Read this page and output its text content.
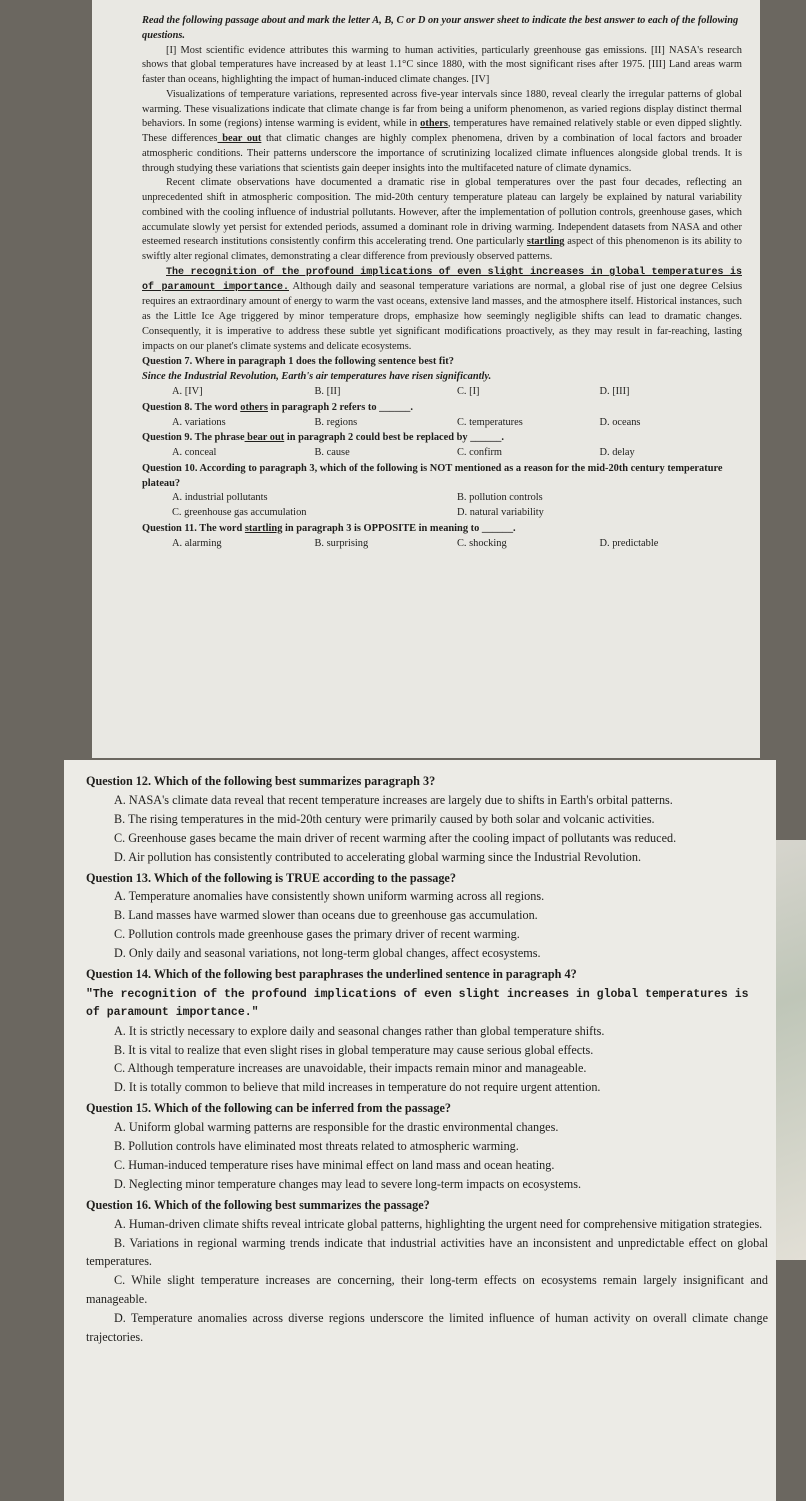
Read the following passage about and mark the letter A, B, C or D on your answer sheet to indicate the best answer to each of the following questions.

[I] Most scientific evidence attributes this warming to human activities, particularly greenhouse gas emissions. [II] NASA's research shows that global temperatures have increased by at least 1.1°C since 1880, with the most significant rises after 1975. [III] Land areas warm faster than oceans, highlighting the impact of human-induced climate changes. [IV]

Visualizations of temperature variations, represented across five-year intervals since 1880, reveal clearly the irregular patterns of global warming. These visualizations indicate that climate change is far from being a uniform phenomenon, as varied regions display distinct thermal behaviors. In some (regions) intense warming is evident, while in others, temperatures have remained relatively stable or even dipped slightly. These differences bear out that climatic changes are highly complex phenomena, driven by a combination of local factors and broader atmospheric conditions. Their patterns underscore the importance of scrutinizing localized climate influences alongside global trends. It is through studying these variations that scientists gain deeper insights into the multifaceted nature of climate dynamics.

Recent climate observations have documented a dramatic rise in global temperatures over the past four decades, reflecting an unprecedented shift in atmospheric composition. The mid-20th century temperature plateau can largely be explained by natural variability combined with the cooling influence of industrial pollutants. However, after the implementation of pollution controls, greenhouse gases, which accumulate slowly yet persist for extended periods, assumed a dominant role in driving warming. Independent datasets from NASA and other esteemed research institutions consistently confirm this accelerating trend. One particularly startling aspect of this phenomenon is its ability to swiftly alter regional climates, demonstrating a clear difference from previously observed patterns.

The recognition of the profound implications of even slight increases in global temperatures is of paramount importance. Although daily and seasonal temperature variations are normal, a global rise of just one degree Celsius requires an extraordinary amount of energy to warm the vast oceans, extensive land masses, and the atmosphere itself. Historical instances, such as the Little Ice Age triggered by minor temperature drops, emphasize how seemingly negligible shifts can lead to dramatic changes. Consequently, it is imperative to address these subtle yet significant modifications proactively, as they may result in far-reaching, lasting impacts on our planet's climate systems and delicate ecosystems.

Question 7. Where in paragraph 1 does the following sentence best fit?
Since the Industrial Revolution, Earth's air temperatures have risen significantly.
A. [IV]	B. [II]	C. [I]	D. [III]
Question 8. The word others in paragraph 2 refers to ______.
A. variations	B. regions	C. temperatures	D. oceans
Question 9. The phrase bear out in paragraph 2 could best be replaced by ______.
A. conceal	B. cause	C. confirm	D. delay
Question 10. According to paragraph 3, which of the following is NOT mentioned as a reason for the mid-20th century temperature plateau?
A. industrial pollutants	B. pollution controls
C. greenhouse gas accumulation	D. natural variability
Question 11. The word startling in paragraph 3 is OPPOSITE in meaning to ______.
A. alarming	B. surprising	C. shocking	D. predictable
Question 12. Which of the following best summarizes paragraph 3?
A. NASA's climate data reveal that recent temperature increases are largely due to shifts in Earth's orbital patterns.
B. The rising temperatures in the mid-20th century were primarily caused by both solar and volcanic activities.
C. Greenhouse gases became the main driver of recent warming after the cooling impact of pollutants was reduced.
D. Air pollution has consistently contributed to accelerating global warming since the Industrial Revolution.
Question 13. Which of the following is TRUE according to the passage?
A. Temperature anomalies have consistently shown uniform warming across all regions.
B. Land masses have warmed slower than oceans due to greenhouse gas accumulation.
C. Pollution controls made greenhouse gases the primary driver of recent warming.
D. Only daily and seasonal variations, not long-term global changes, affect ecosystems.
Question 14. Which of the following best paraphrases the underlined sentence in paragraph 4?
"The recognition of the profound implications of even slight increases in global temperatures is of paramount importance."
A. It is strictly necessary to explore daily and seasonal changes rather than global temperature shifts.
B. It is vital to realize that even slight rises in global temperature may cause serious global effects.
C. Although temperature increases are unavoidable, their impacts remain minor and manageable.
D. It is totally common to believe that mild increases in temperature do not require urgent attention.
Question 15. Which of the following can be inferred from the passage?
A. Uniform global warming patterns are responsible for the drastic environmental changes.
B. Pollution controls have eliminated most threats related to atmospheric warming.
C. Human-induced temperature rises have minimal effect on land mass and ocean heating.
D. Neglecting minor temperature changes may lead to severe long-term impacts on ecosystems.
Question 16. Which of the following best summarizes the passage?
A. Human-driven climate shifts reveal intricate global patterns, highlighting the urgent need for comprehensive mitigation strategies.
B. Variations in regional warming trends indicate that industrial activities have an inconsistent and unpredictable effect on global temperatures.
C. While slight temperature increases are concerning, their long-term effects on ecosystems remain largely insignificant and manageable.
D. Temperature anomalies across diverse regions underscore the limited influence of human activity on overall climate change trajectories.
